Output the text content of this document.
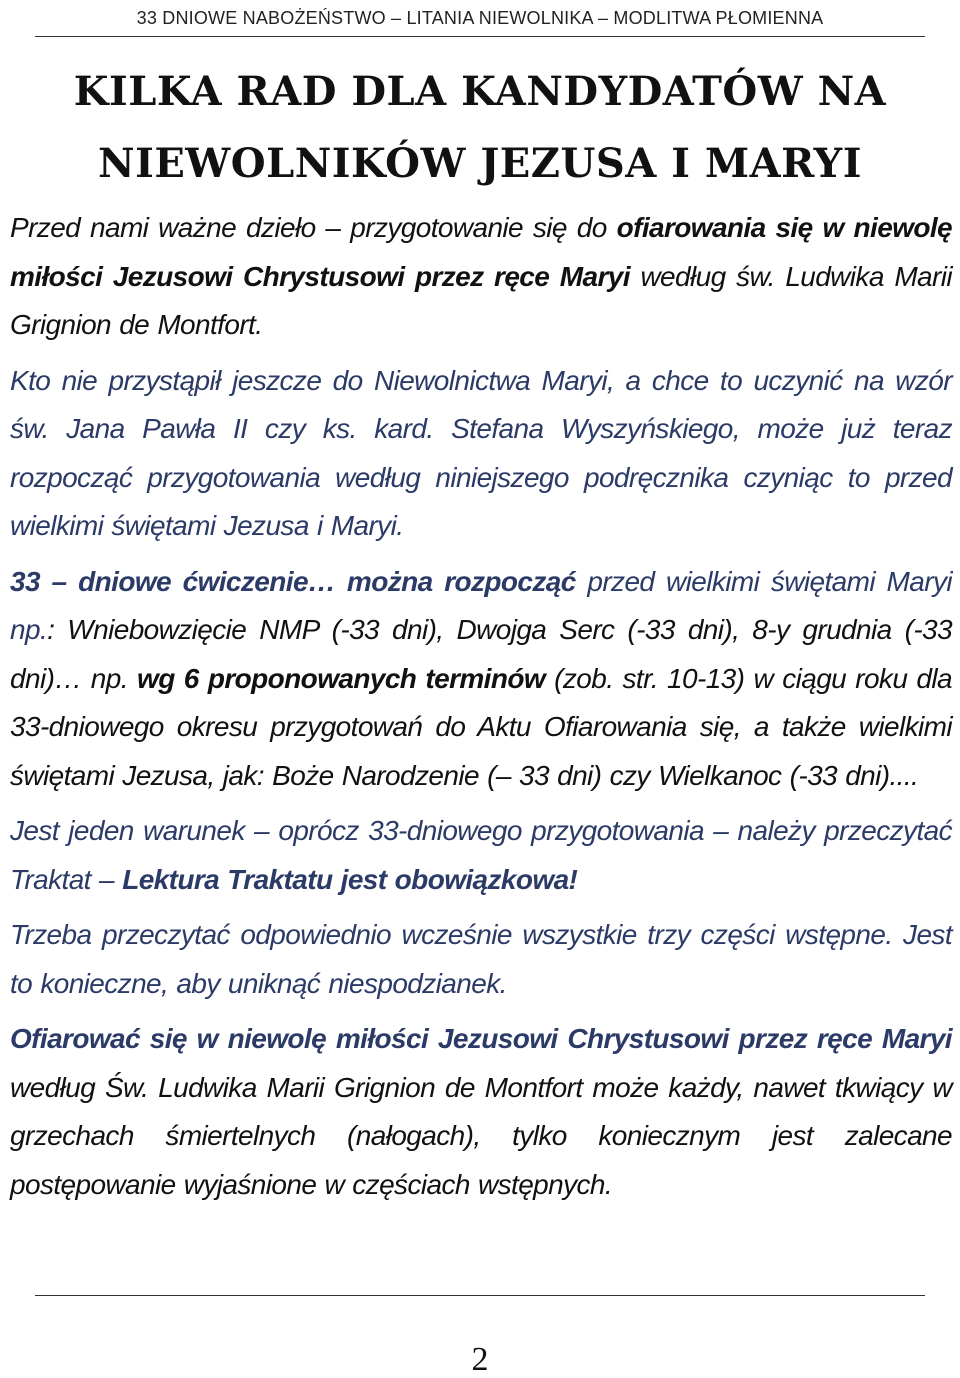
33 DNIOWE NABOŻEŃSTWO – LITANIA NIEWOLNIKA – MODLITWA PŁOMIENNA
KILKA RAD DLA KANDYDATÓW NA
NIEWOLNIKÓW JEZUSA I MARYI

Przed nami ważne dzieło – przygotowanie się do ofiarowania się w niewolę miłości Jezusowi Chrystusowi przez ręce Maryi według św. Ludwika Marii Grignion de Montfort.

Kto nie przystąpił jeszcze do Niewolnictwa Maryi, a chce to uczynić na wzór św. Jana Pawła II czy ks. kard. Stefana Wyszyńskiego, może już teraz rozpocząć przygotowania według niniejszego podręcznika czyniąc to przed wielkimi świętami Jezusa i Maryi.

33 – dniowe ćwiczenie… można rozpocząć przed wielkimi świętami Maryi np.: Wniebowzięcie NMP (-33 dni), Dwojga Serc (-33 dni), 8-y grudnia (-33 dni)… np. wg 6 proponowanych terminów (zob. str. 10-13) w ciągu roku dla 33-dniowego okresu przygotowań do Aktu Ofiarowania się, a także wielkimi świętami Jezusa, jak: Boże Narodzenie (– 33 dni) czy Wielkanoc (-33 dni)....

Jest jeden warunek – oprócz 33-dniowego przygotowania – należy przeczytać Traktat – Lektura Traktatu jest obowiązkowa!

Trzeba przeczytać odpowiednio wcześnie wszystkie trzy części wstępne. Jest to konieczne, aby uniknąć niespodzianek.

Ofiarować się w niewolę miłości Jezusowi Chrystusowi przez ręce Maryi według Św. Ludwika Marii Grignion de Montfort może każdy, nawet tkwiący w grzechach śmiertelnych (nałogach), tylko koniecznym jest zalecane postępowanie wyjaśnione w częściach wstępnych.

2
